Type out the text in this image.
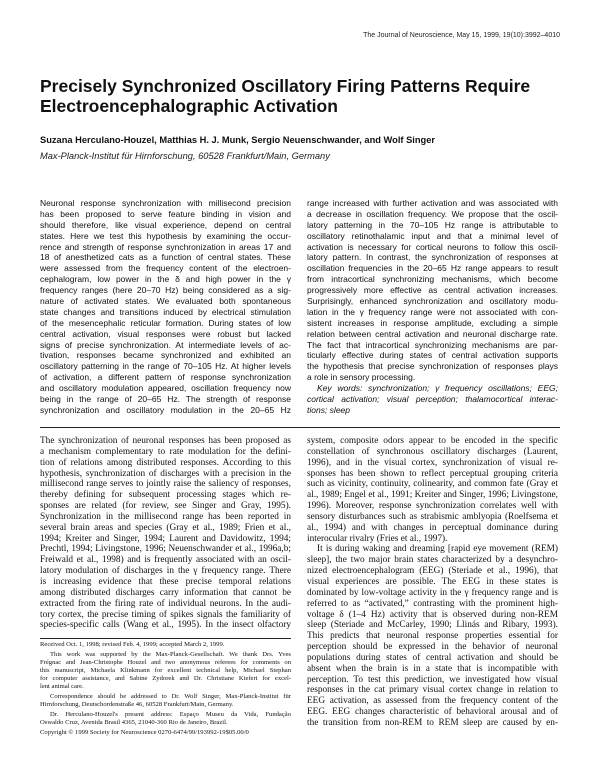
The Journal of Neuroscience, May 15, 1999, 19(10):3992–4010
Precisely Synchronized Oscillatory Firing Patterns Require Electroencephalographic Activation
Suzana Herculano-Houzel, Matthias H. J. Munk, Sergio Neuenschwander, and Wolf Singer
Max-Planck-Institut für Hirnforschung, 60528 Frankfurt/Main, Germany
Neuronal response synchronization with millisecond precision
has been proposed to serve feature binding in vision and
should therefore, like visual experience, depend on central
states. Here we test this hypothesis by examining the occur-
rence and strength of response synchronization in areas 17 and
18 of anesthetized cats as a function of central states. These
were assessed from the frequency content of the electroen-
cephalogram, low power in the δ and high power in the γ
frequency ranges (here 20–70 Hz) being considered as a sig-
nature of activated states. We evaluated both spontaneous
state changes and transitions induced by electrical stimulation
of the mesencephalic reticular formation. During states of low
central activation, visual responses were robust but lacked
signs of precise synchronization. At intermediate levels of ac-
tivation, responses became synchronized and exhibited an
oscillatory patterning in the range of 70–105 Hz. At higher levels
of activation, a different pattern of response synchronization
and oscillatory modulation appeared, oscillation frequency now
being in the range of 20–65 Hz. The strength of response
synchronization and oscillatory modulation in the 20–65 Hz
range increased with further activation and was associated with
a decrease in oscillation frequency. We propose that the oscil-
latory patterning in the 70–105 Hz range is attributable to
oscillatory retinothalamic input and that a minimal level of
activation is necessary for cortical neurons to follow this oscil-
latory pattern. In contrast, the synchronization of responses at
oscillation frequencies in the 20–65 Hz range appears to result
from intracortical synchronizing mechanisms, which become
progressively more effective as central activation increases.
Surprisingly, enhanced synchronization and oscillatory modu-
lation in the γ frequency range were not associated with con-
sistent increases in response amplitude, excluding a simple
relation between central activation and neuronal discharge rate.
The fact that intracortical synchronizing mechanisms are par-
ticularly effective during states of central activation supports
the hypothesis that precise synchronization of responses plays
a role in sensory processing.
Key words: synchronization; γ frequency oscillations; EEG;
cortical activation; visual perception; thalamocortical interac-
tions; sleep
The synchronization of neuronal responses has been proposed as
a mechanism complementary to rate modulation for the defini-
tion of relations among distributed responses. According to this
hypothesis, synchronization of discharges with a precision in the
millisecond range serves to jointly raise the saliency of responses,
thereby defining for subsequent processing stages which re-
sponses are related (for review, see Singer and Gray, 1995).
Synchronization in the millisecond range has been reported in
several brain areas and species (Gray et al., 1989; Frien et al.,
1994; Kreiter and Singer, 1994; Laurent and Davidowitz, 1994;
Prechtl, 1994; Livingstone, 1996; Neuenschwander et al., 1996a,b;
Freiwald et al., 1998) and is frequently associated with an oscil-
latory modulation of discharges in the γ frequency range. There
is increasing evidence that these precise temporal relations
among distributed discharges carry information that cannot be
extracted from the firing rate of individual neurons. In the audi-
tory cortex, the precise timing of spikes signals the familiarity of
species-specific calls (Wang et al., 1995). In the insect olfactory
system, composite odors appear to be encoded in the specific
constellation of synchronous oscillatory discharges (Laurent,
1996), and in the visual cortex, synchronization of visual re-
sponses has been shown to reflect perceptual grouping criteria
such as vicinity, continuity, colinearity, and common fate (Gray et
al., 1989; Engel et al., 1991; Kreiter and Singer, 1996; Livingstone,
1996). Moreover, response synchronization correlates well with
sensory disturbances such as strabismic amblyopia (Roelfsema et
al., 1994) and with changes in perceptual dominance during
interocular rivalry (Fries et al., 1997).
It is during waking and dreaming [rapid eye movement (REM)
sleep], the two major brain states characterized by a desynchro-
nized electroencephalogram (EEG) (Steriade et al., 1996), that
visual experiences are possible. The EEG in these states is
dominated by low-voltage activity in the γ frequency range and is
referred to as “activated,” contrasting with the prominent high-
voltage δ (1–4 Hz) activity that is observed during non-REM
sleep (Steriade and McCarley, 1990; Llinás and Ribary, 1993).
This predicts that neuronal response properties essential for
perception should be expressed in the behavior of neuronal
populations during states of central activation and should be
absent when the brain is in a state that is incompatible with
perception. To test this prediction, we investigated how visual
responses in the cat primary visual cortex change in relation to
EEG activation, as assessed from the frequency content of the
EEG. EEG changes characteristic of behavioral arousal and of
the transition from non-REM to REM sleep are caused by en-
Received Oct. 1, 1998; revised Feb. 4, 1999; accepted March 2, 1999.
This work was supported by the Max-Planck-Gesellschaft. We thank Drs. Yves
Frégnac and Jean-Christophe Houzel and two anonymous referees for comments on
this manuscript, Michaela Klinkmann for excellent technical help, Michael Stephan
for computer assistance, and Sabine Zydorek and Dr. Christiane Kiefert for excel-
lent animal care.
Correspondence should be addressed to Dr. Wolf Singer, Max-Planck-Institut für
Hirnforschung, Deutschordenstraße 46, 60528 Frankfurt/Main, Germany.
Dr. Herculano-Houzel's present address: Espaço Museu da Vida, Fundação
Oswaldo Cruz, Avenida Brasil 4365, 21040-360 Rio de Janeiro, Brazil.
Copyright © 1999 Society for Neuroscience 0270-6474/99/193992-19$05.00/0
